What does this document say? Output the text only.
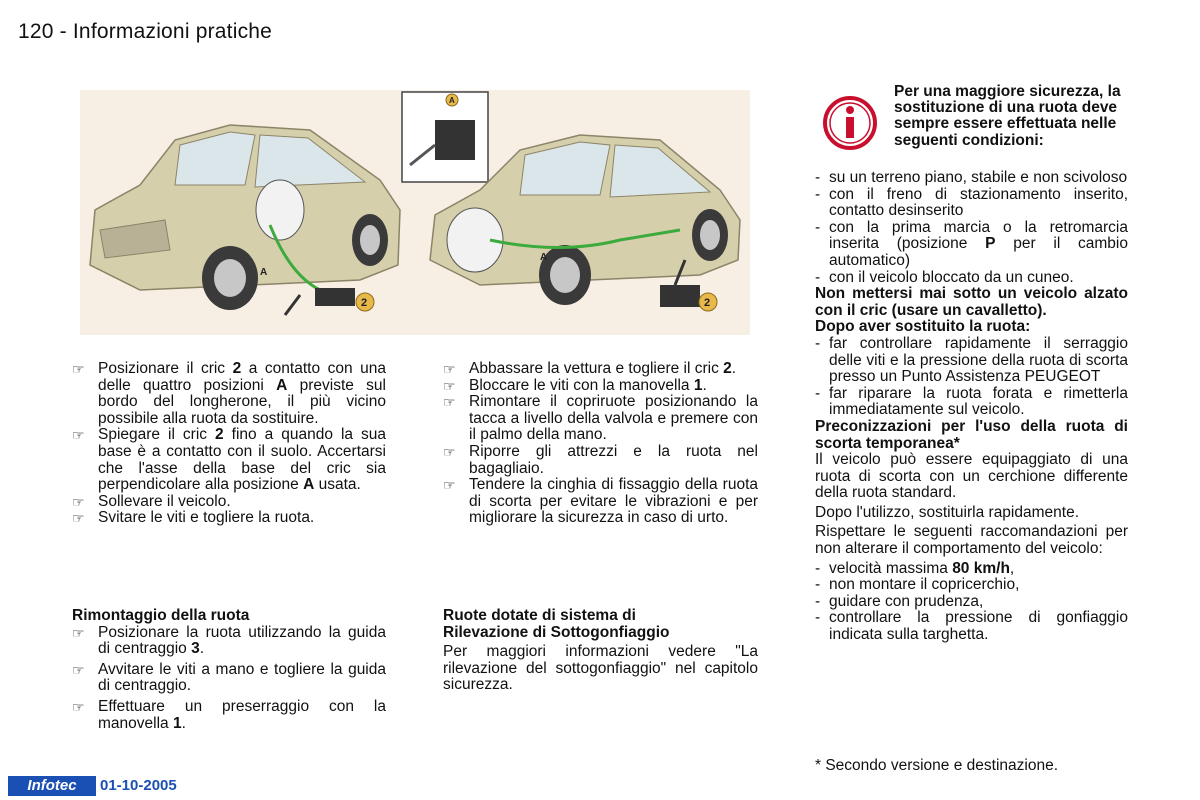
120 - Informazioni pratiche
A
2
A
A
2

☞ Posizionare il cric 2 a contatto con una delle quattro posizioni A previste sul bordo del longherone, il più vicino possibile alla ruota da sostituire.

☞ Spiegare il cric 2 fino a quando la sua base è a contatto con il suolo. Accertarsi che l'asse della base del cric sia perpendicolare alla posizione A usata.

☞ Sollevare il veicolo.

☞ Svitare le viti e togliere la ruota.

Rimontaggio della ruota

☞ Posizionare la ruota utilizzando la guida di centraggio 3.

☞ Avvitare le viti a mano e togliere la guida di centraggio.

☞ Effettuare un preserraggio con la manovella 1.

☞ Abbassare la vettura e togliere il cric 2.

☞ Bloccare le viti con la manovella 1.

☞ Rimontare il copriruote posizionando la tacca a livello della valvola e premere con il palmo della mano.

☞ Riporre gli attrezzi e la ruota nel bagagliaio.

☞ Tendere la cinghia di fissaggio della ruota di scorta per evitare le vibrazioni e per migliorare la sicurezza in caso di urto.

Ruote dotate di sistema di

Rilevazione di Sottogonfiaggio

Per maggiori informazioni vedere "La rilevazione del sottogonfiaggio" nel capitolo sicurezza.

Per una maggiore sicurezza, la sostituzione di una ruota deve sempre essere effettuata nelle seguenti condizioni:

- su un terreno piano, stabile e non scivoloso

- con il freno di stazionamento inserito, contatto desinserito

- con la prima marcia o la retromarcia inserita (posizione P per il cambio automatico)

- con il veicolo bloccato da un cuneo.

Non mettersi mai sotto un veicolo alzato con il cric (usare un cavalletto).

Dopo aver sostituito la ruota:

- far controllare rapidamente il serraggio delle viti e la pressione della ruota di scorta presso un Punto Assistenza PEUGEOT

- far riparare la ruota forata e rimetterla immediatamente sul veicolo.

Preconizzazioni per l'uso della ruota di scorta temporanea*

Il veicolo può essere equipaggiato di una ruota di scorta con un cerchione differente della ruota standard.

Dopo l'utilizzo, sostituirla rapidamente.

Rispettare le seguenti raccomandazioni per non alterare il comportamento del veicolo:

- velocità massima 80 km/h,

- non montare il copricerchio,

- guidare con prudenza,

- controllare la pressione di gonfiaggio indicata sulla targhetta.

* Secondo versione e destinazione.
Infotec	01-10-2005
